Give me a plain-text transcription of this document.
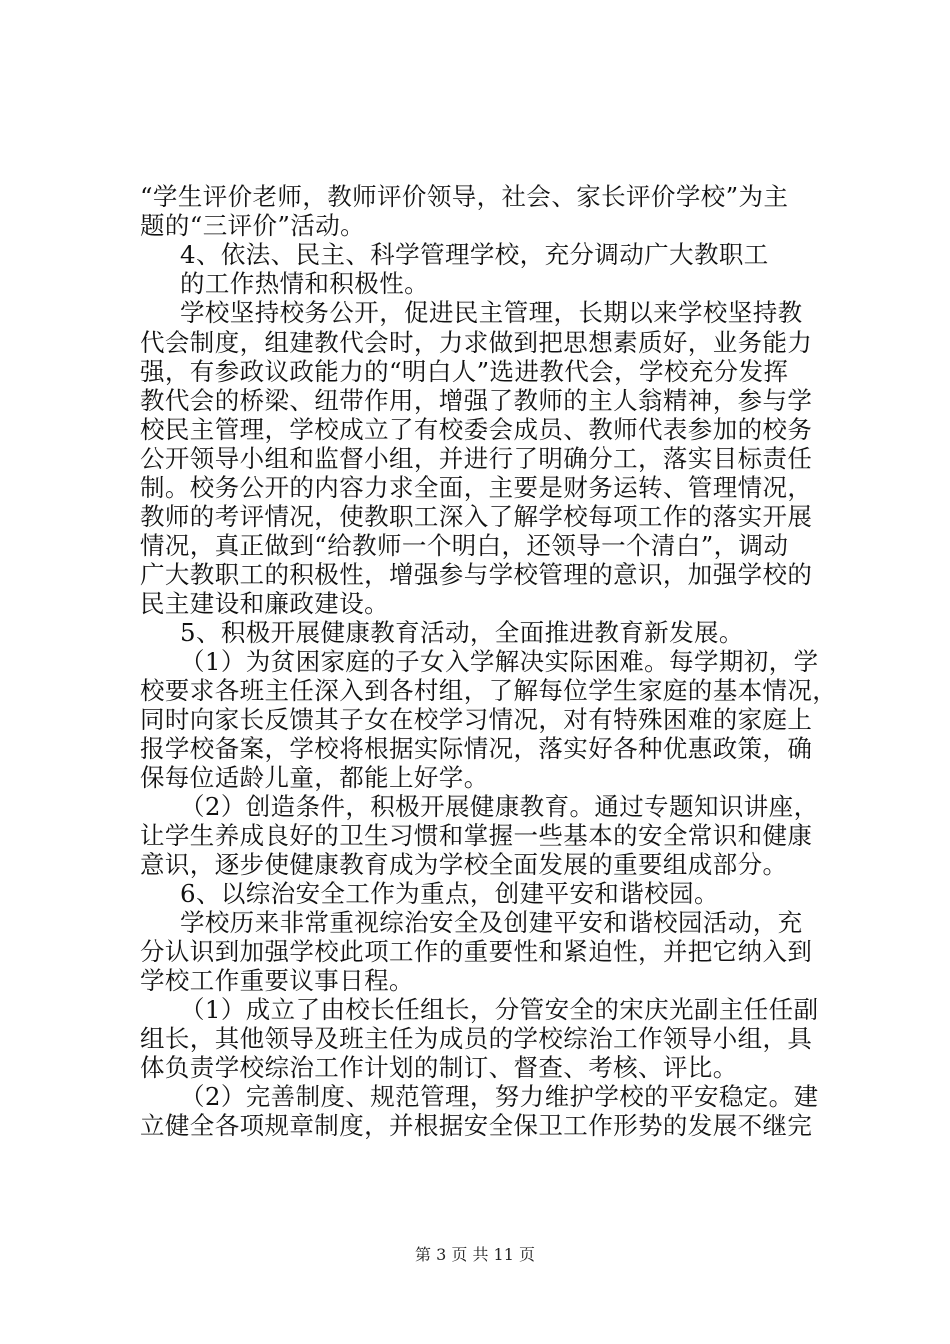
“学生评价老师，教师评价领导，社会、家长评价学校”为主
题的“三评价”活动。
4、依法、民主、科学管理学校，充分调动广大教职工
的工作热情和积极性。
学校坚持校务公开，促进民主管理，长期以来学校坚持教
代会制度，组建教代会时，力求做到把思想素质好，业务能力
强，有参政议政能力的“明白人”选进教代会，学校充分发挥
教代会的桥梁、纽带作用，增强了教师的主人翁精神，参与学
校民主管理，学校成立了有校委会成员、教师代表参加的校务
公开领导小组和监督小组，并进行了明确分工，落实目标责任
制。校务公开的内容力求全面，主要是财务运转、管理情况，
教师的考评情况，使教职工深入了解学校每项工作的落实开展
情况，真正做到“给教师一个明白，还领导一个清白”，调动
广大教职工的积极性，增强参与学校管理的意识，加强学校的
民主建设和廉政建设。
5、积极开展健康教育活动，全面推进教育新发展。
（1）为贫困家庭的子女入学解决实际困难。每学期初，学
校要求各班主任深入到各村组，了解每位学生家庭的基本情况，
同时向家长反馈其子女在校学习情况，对有特殊困难的家庭上
报学校备案，学校将根据实际情况，落实好各种优惠政策，确
保每位适龄儿童，都能上好学。
（2）创造条件，积极开展健康教育。通过专题知识讲座，
让学生养成良好的卫生习惯和掌握一些基本的安全常识和健康
意识，逐步使健康教育成为学校全面发展的重要组成部分。
6、以综治安全工作为重点，创建平安和谐校园。
学校历来非常重视综治安全及创建平安和谐校园活动，充
分认识到加强学校此项工作的重要性和紧迫性，并把它纳入到
学校工作重要议事日程。
（1）成立了由校长任组长，分管安全的宋庆光副主任任副
组长，其他领导及班主任为成员的学校综治工作领导小组，具
体负责学校综治工作计划的制订、督查、考核、评比。
（2）完善制度、规范管理，努力维护学校的平安稳定。建
立健全各项规章制度，并根据安全保卫工作形势的发展不继完
第 3 页 共 11 页
